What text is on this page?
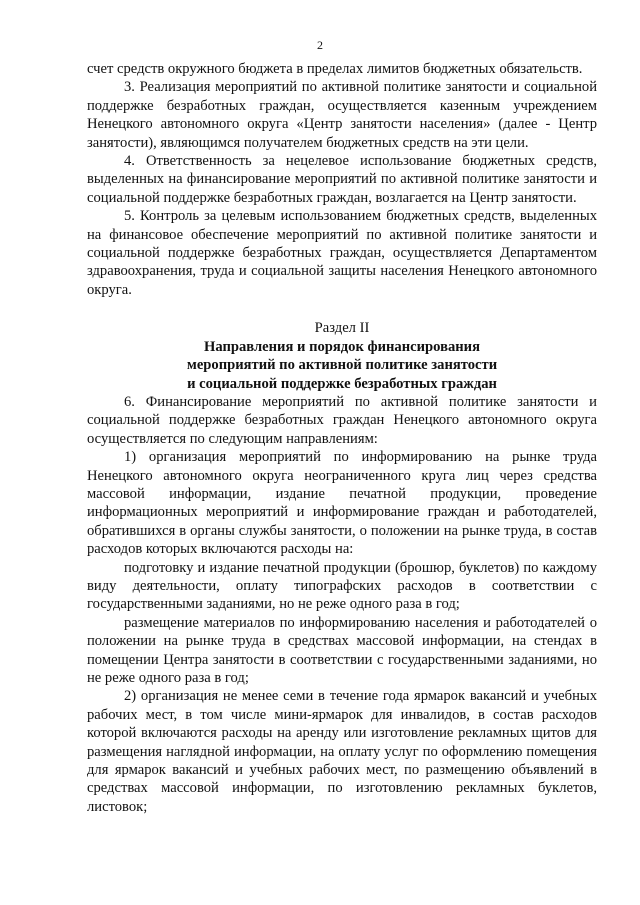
2

счет средств окружного бюджета в пределах лимитов бюджетных обязательств.

3. Реализация мероприятий по активной политике занятости и социальной поддержке безработных граждан, осуществляется казенным учреждением Ненецкого автономного округа «Центр занятости населения» (далее - Центр занятости), являющимся получателем бюджетных средств на эти цели.

4. Ответственность за нецелевое использование бюджетных средств, выделенных на финансирование мероприятий по активной политике занятости и социальной поддержке безработных граждан, возлагается на Центр занятости.

5. Контроль за целевым использованием бюджетных средств, выделенных на финансовое обеспечение мероприятий по активной политике занятости и социальной поддержке безработных граждан, осуществляется Департаментом здравоохранения, труда и социальной защиты населения Ненецкого автономного округа.

Раздел II
Направления и порядок финансирования
мероприятий по активной политике занятости
и социальной поддержке безработных граждан

6. Финансирование мероприятий по активной политике занятости и социальной поддержке безработных граждан Ненецкого автономного округа осуществляется по следующим направлениям:

1) организация мероприятий по информированию на рынке труда Ненецкого автономного округа неограниченного круга лиц через средства массовой информации, издание печатной продукции, проведение информационных мероприятий и информирование граждан и работодателей, обратившихся в органы службы занятости, о положении на рынке труда, в состав расходов которых включаются расходы на:

подготовку и издание печатной продукции (брошюр, буклетов) по каждому виду деятельности, оплату типографских расходов в соответствии с государственными заданиями, но не реже одного раза в год;

размещение материалов по информированию населения и работодателей о положении на рынке труда в средствах массовой информации, на стендах в помещении Центра занятости в соответствии с государственными заданиями, но не реже одного раза в год;

2) организация не менее семи в течение года ярмарок вакансий и учебных рабочих мест, в том числе мини-ярмарок для инвалидов, в состав расходов которой включаются расходы на аренду или изготовление рекламных щитов для размещения наглядной информации, на оплату услуг по оформлению помещения для ярмарок вакансий и учебных рабочих мест, по размещению объявлений в средствах массовой информации, по изготовлению рекламных буклетов, листовок;
